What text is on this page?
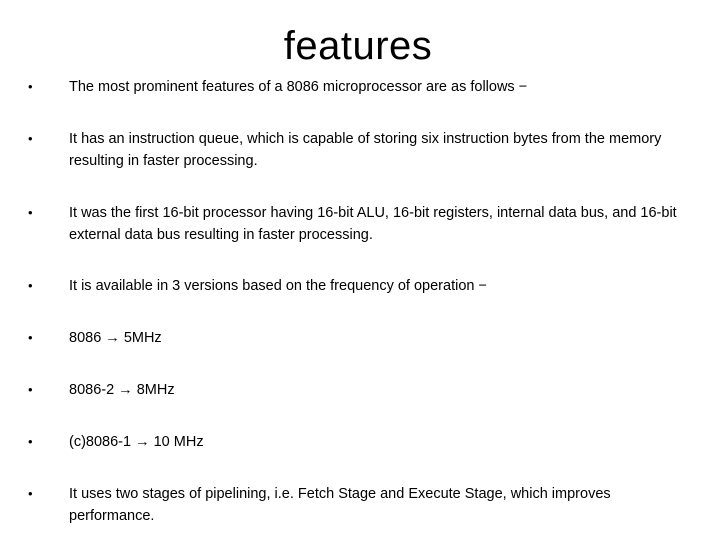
features
•	The most prominent features of a 8086 microprocessor are as follows −
•	It has an instruction queue, which is capable of storing six instruction bytes from the memory resulting in faster processing.
•	It was the first 16-bit processor having 16-bit ALU, 16-bit registers, internal data bus, and 16-bit external data bus resulting in faster processing.
•	It is available in 3 versions based on the frequency of operation −
•	8086 → 5MHz
•	8086-2 → 8MHz
•	(c)8086-1 → 10 MHz
•	It uses two stages of pipelining, i.e. Fetch Stage and Execute Stage, which improves performance.
